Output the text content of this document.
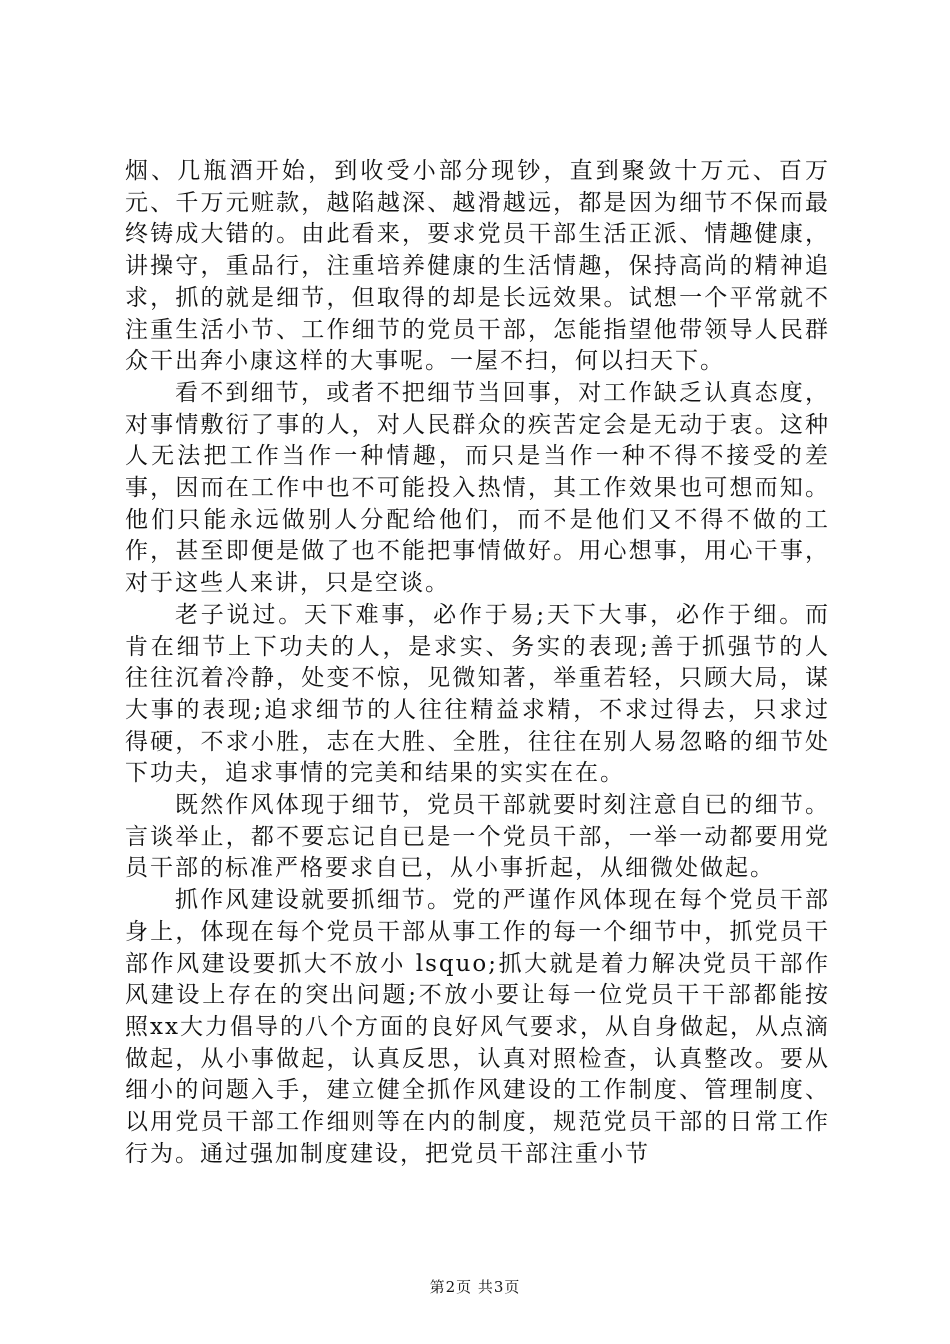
烟、几瓶酒开始，到收受小部分现钞，直到聚敛十万元、百万元、千万元赃款，越陷越深、越滑越远，都是因为细节不保而最终铸成大错的。由此看来，要求党员干部生活正派、情趣健康，讲操守，重品行，注重培养健康的生活情趣，保持高尚的精神追求，抓的就是细节，但取得的却是长远效果。试想一个平常就不注重生活小节、工作细节的党员干部，怎能指望他带领导人民群众干出奔小康这样的大事呢。一屋不扫，何以扫天下。

看不到细节，或者不把细节当回事，对工作缺乏认真态度，对事情敷衍了事的人，对人民群众的疾苦定会是无动于衷。这种人无法把工作当作一种情趣，而只是当作一种不得不接受的差事，因而在工作中也不可能投入热情，其工作效果也可想而知。他们只能永远做别人分配给他们，而不是他们又不得不做的工作，甚至即便是做了也不能把事情做好。用心想事，用心干事，对于这些人来讲，只是空谈。

老子说过。天下难事，必作于易;天下大事，必作于细。而肯在细节上下功夫的人，是求实、务实的表现;善于抓强节的人往往沉着冷静，处变不惊，见微知著，举重若轻，只顾大局，谋大事的表现;追求细节的人往往精益求精，不求过得去，只求过得硬，不求小胜，志在大胜、全胜，往往在别人易忽略的细节处下功夫，追求事情的完美和结果的实实在在。

既然作风体现于细节，党员干部就要时刻注意自已的细节。言谈举止，都不要忘记自已是一个党员干部，一举一动都要用党员干部的标准严格要求自已，从小事折起，从细微处做起。

抓作风建设就要抓细节。党的严谨作风体现在每个党员干部身上，体现在每个党员干部从事工作的每一个细节中，抓党员干部作风建设要抓大不放小 lsquo;抓大就是着力解决党员干部作风建设上存在的突出问题;不放小要让每一位党员干干部都能按照xx大力倡导的八个方面的良好风气要求，从自身做起，从点滴做起，从小事做起，认真反思，认真对照检查，认真整改。要从细小的问题入手，建立健全抓作风建设的工作制度、管理制度、以用党员干部工作细则等在内的制度，规范党员干部的日常工作行为。通过强加制度建设，把党员干部注重小节

第2页 共3页
